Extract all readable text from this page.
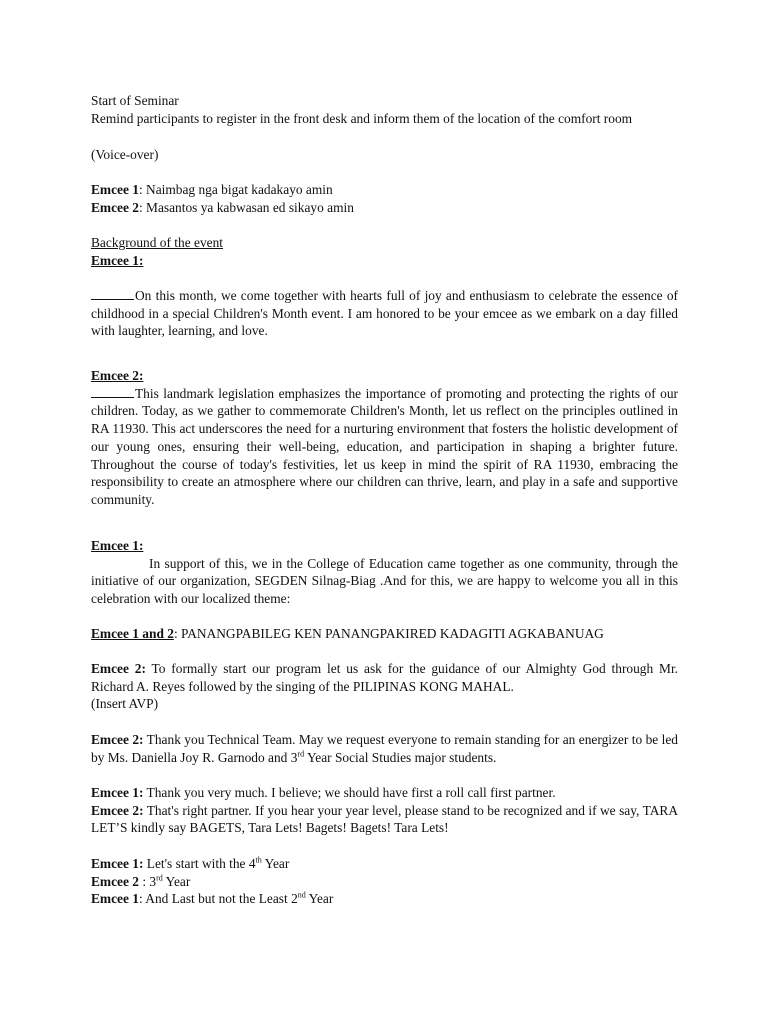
Start of Seminar
Remind participants to register in the front desk and inform them of the location of the comfort room
(Voice-over)
Emcee 1: Naimbag nga bigat kadakayo amin
Emcee 2: Masantos ya kabwasan ed sikayo amin
Background of the event
Emcee 1:

On this month, we come together with hearts full of joy and enthusiasm to celebrate the essence of childhood in a special Children's Month event. I am honored to be your emcee as we embark on a day filled with laughter, learning, and love.

Emcee 2:

This landmark legislation emphasizes the importance of promoting and protecting the rights of our children. Today, as we gather to commemorate Children's Month, let us reflect on the principles outlined in RA 11930. This act underscores the need for a nurturing environment that fosters the holistic development of our young ones, ensuring their well-being, education, and participation in shaping a brighter future. Throughout the course of today's festivities, let us keep in mind the spirit of RA 11930, embracing the responsibility to create an atmosphere where our children can thrive, learn, and play in a safe and supportive community.

Emcee 1:

In support of this, we in the College of Education came together as one community, through the initiative of our organization, SEGDEN Silnag-Biag .And for this, we are happy to welcome you all in this celebration with our localized theme:

Emcee 1 and 2: PANANGPABILEG KEN PANANGPAKIRED KADAGITI AGKABANUAG
Emcee 2: To formally start our program let us ask for the guidance of our Almighty God through Mr. Richard A. Reyes followed by the singing of the PILIPINAS KONG MAHAL.
(Insert AVP)
Emcee 2: Thank you Technical Team. May we request everyone to remain standing for an energizer to be led by Ms. Daniella Joy R. Garnodo and 3rd Year Social Studies major students.
Emcee 1: Thank you very much. I believe; we should have first a roll call first partner.
Emcee 2: That's right partner. If you hear your year level, please stand to be recognized and if we say, TARA LET’S kindly say BAGETS, Tara Lets! Bagets! Bagets! Tara Lets!
Emcee 1: Let's start with the 4th Year
Emcee 2 : 3rd Year
Emcee 1: And Last but not the Least 2nd Year
